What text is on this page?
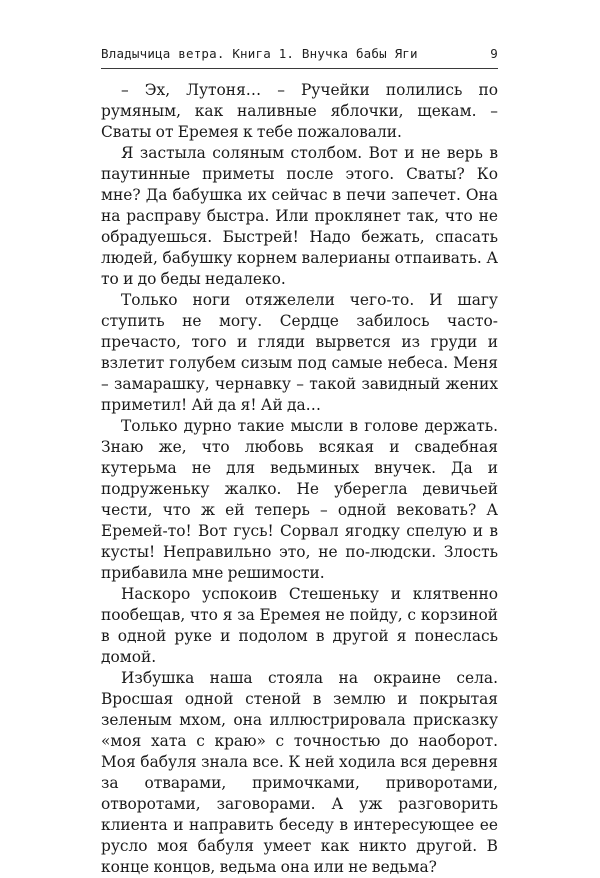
Владычица ветра. Книга 1. Внучка бабы Яги	9

– Эх, Лутоня… – Ручейки полились по румяным, как наливные яблочки, щекам. – Сваты от Еремея к тебе пожаловали.

Я застыла соляным столбом. Вот и не верь в паутинные приметы после этого. Сваты? Ко мне? Да бабушка их сейчас в печи запечет. Она на расправу быстра. Или проклянет так, что не обрадуешься. Быстрей! Надо бежать, спасать людей, бабушку корнем валерианы отпаивать. А то и до беды недалеко.

Только ноги отяжелели чего-то. И шагу ступить не могу. Сердце забилось часто-пречасто, того и гляди вырвется из груди и взлетит голубем сизым под самые небеса. Меня – замарашку, чернавку – такой завидный жених приметил! Ай да я! Ай да…

Только дурно такие мысли в голове держать. Знаю же, что любовь всякая и свадебная кутерьма не для ведьминых внучек. Да и подруженьку жалко. Не уберегла девичьей чести, что ж ей теперь – одной вековать? А Еремей-то! Вот гусь! Сорвал ягодку спелую и в кусты! Неправильно это, не по-людски. Злость прибавила мне решимости.

Наскоро успокоив Стешеньку и клятвенно пообещав, что я за Еремея не пойду, с корзиной в одной руке и подолом в другой я понеслась домой.

Избушка наша стояла на окраине села. Вросшая одной стеной в землю и покрытая зеленым мхом, она иллюстрировала присказку «моя хата с краю» с точностью до наоборот. Моя бабуля знала все. К ней ходила вся деревня за отварами, примочками, приворотами, отворотами, заговорами. А уж разговорить клиента и направить беседу в интересующее ее русло моя бабуля умеет как никто другой. В конце концов, ведьма она или не ведьма?
